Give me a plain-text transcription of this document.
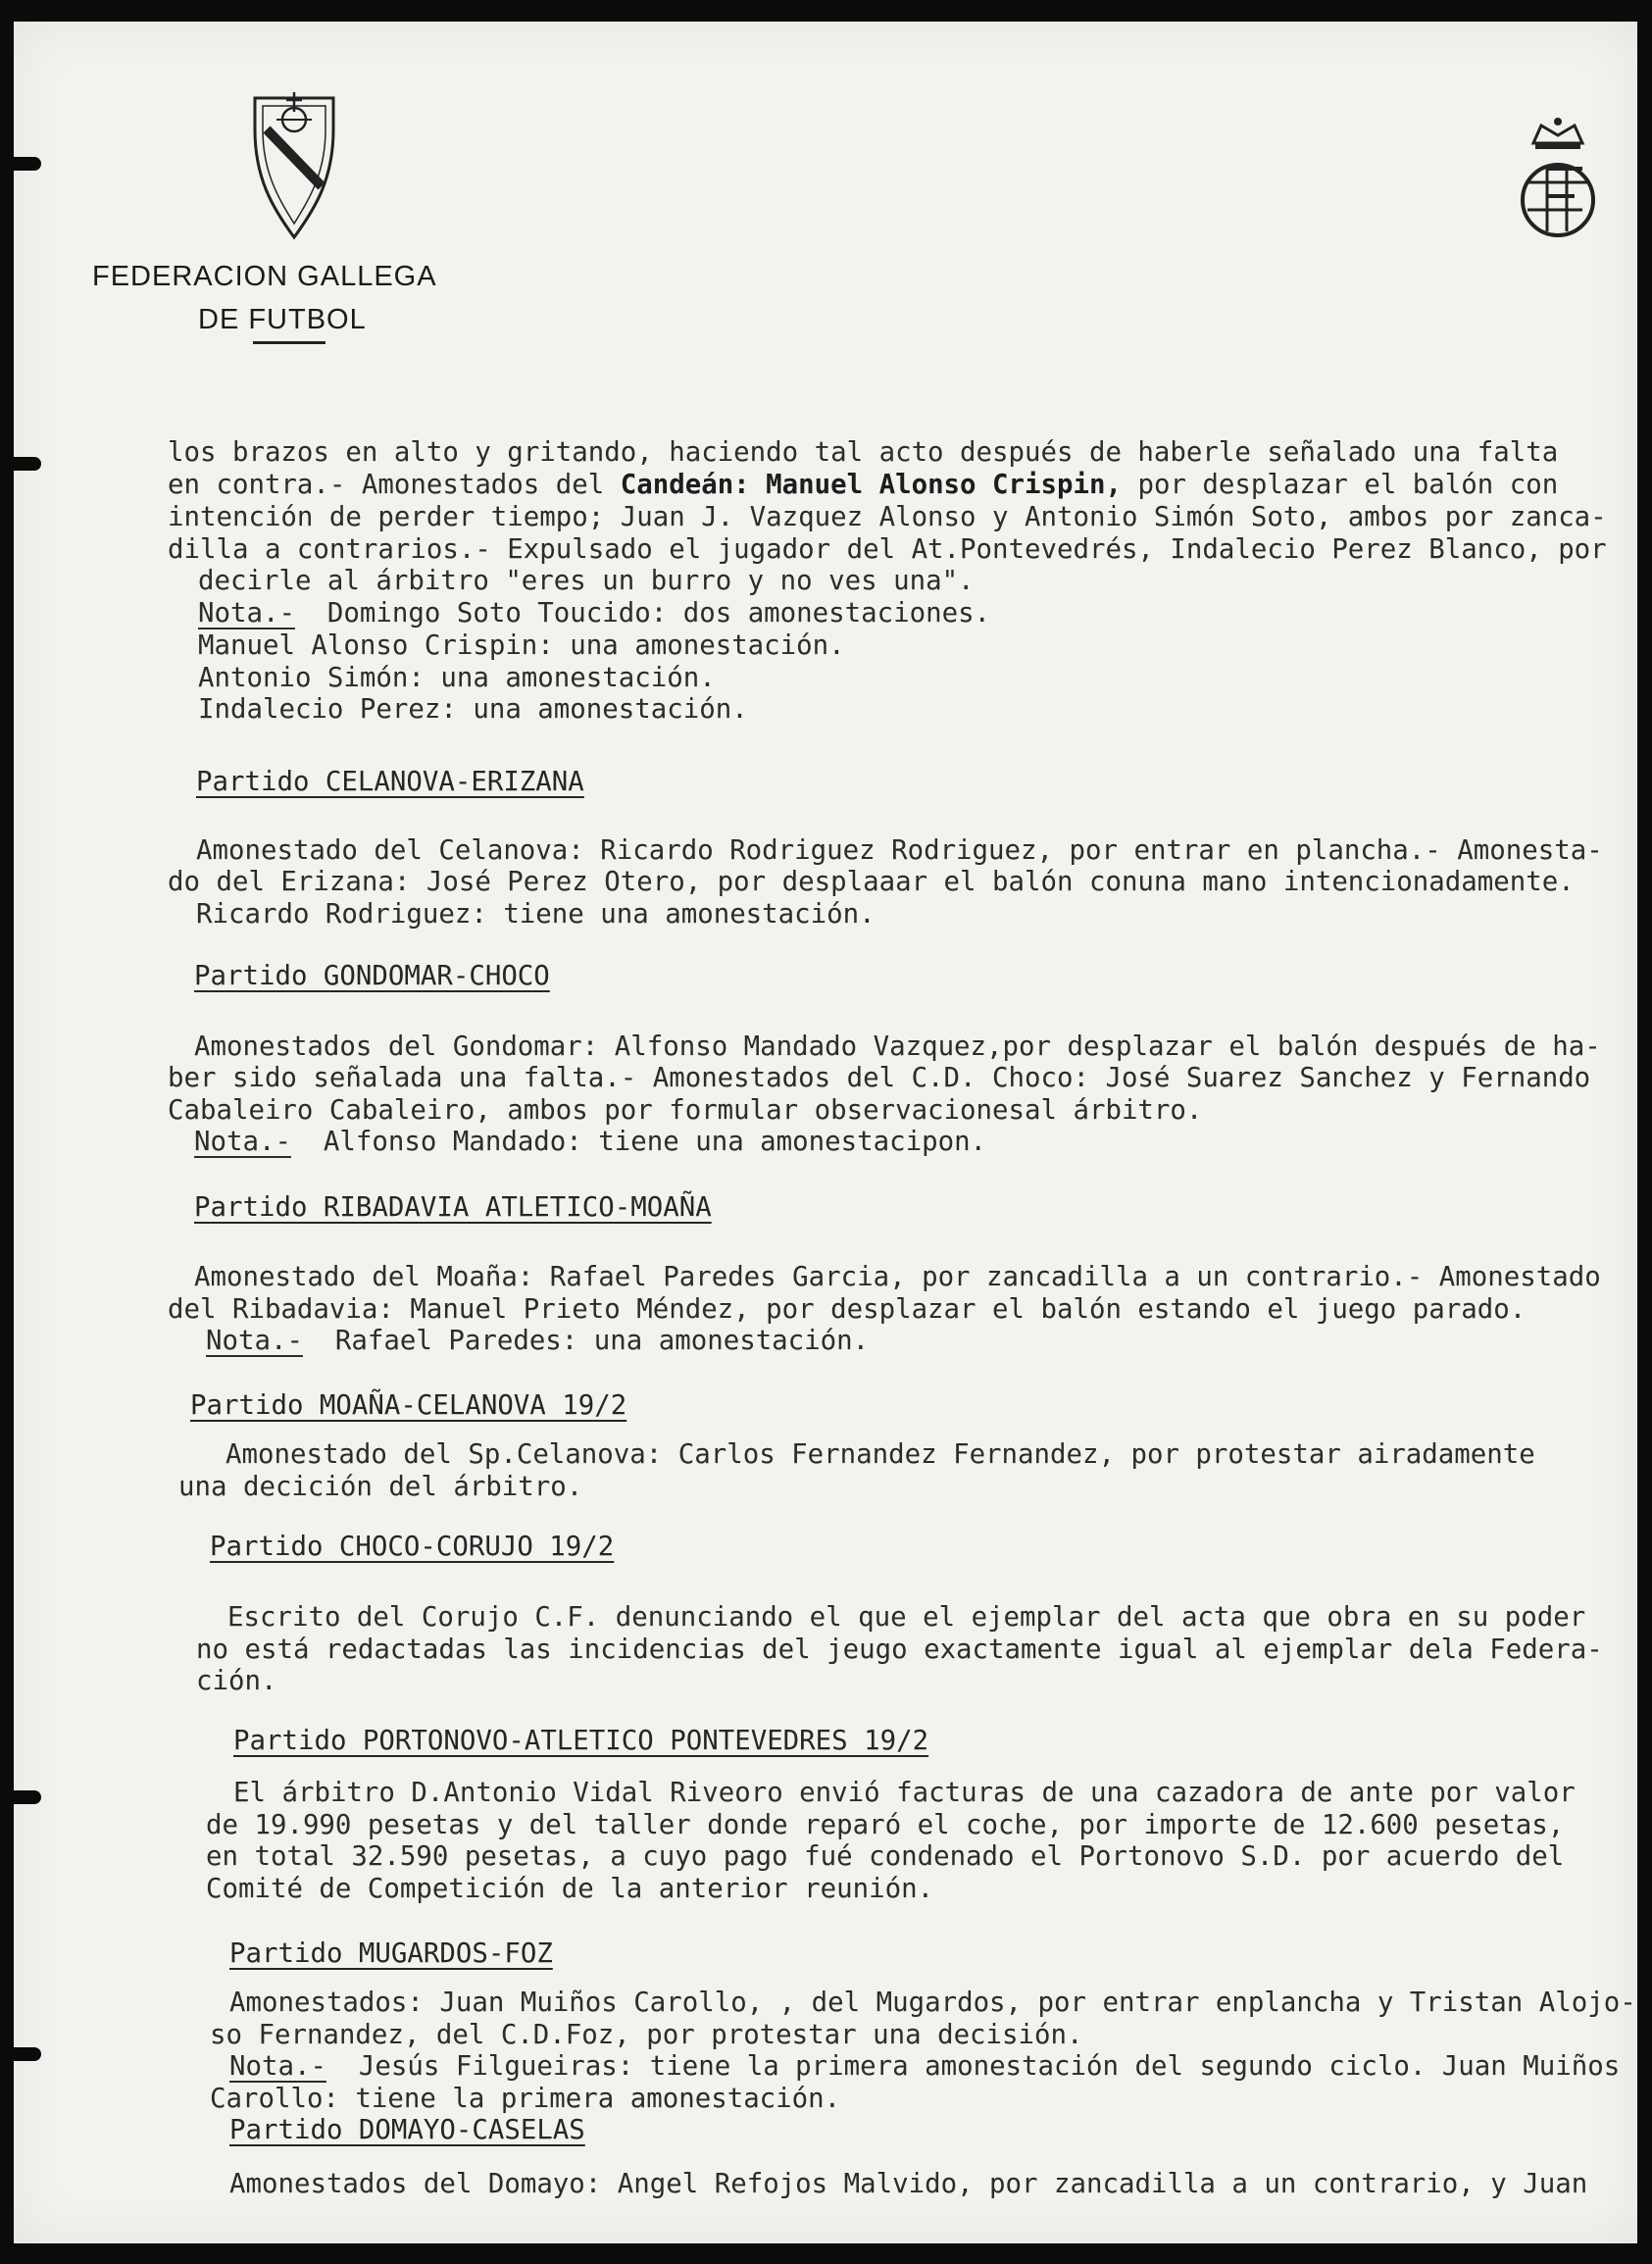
FEDERACION GALLEGA
DE FUTBOL
los brazos en alto y gritando, haciendo tal acto después de haberle señalado una falta
en contra.- Amonestados del Candeán: Manuel Alonso Crispin, por desplazar el balón con
intención de perder tiempo; Juan J. Vazquez Alonso y Antonio Simón Soto, ambos por zanca-
dilla a contrarios.- Expulsado el jugador del At.Pontevedrés, Indalecio Perez Blanco, por
decirle al árbitro "eres un burro y no ves una".
Nota.-  Domingo Soto Toucido: dos amonestaciones.
Manuel Alonso Crispin: una amonestación.
Antonio Simón: una amonestación.
Indalecio Perez: una amonestación.
Partido CELANOVA-ERIZANA
Amonestado del Celanova: Ricardo Rodriguez Rodriguez, por entrar en plancha.- Amonesta-
do del Erizana: José Perez Otero, por desplaaar el balón conuna mano intencionadamente.
Ricardo Rodriguez: tiene una amonestación.
Partido GONDOMAR-CHOCO
Amonestados del Gondomar: Alfonso Mandado Vazquez,por desplazar el balón después de ha-
ber sido señalada una falta.- Amonestados del C.D. Choco: José Suarez Sanchez y Fernando
Cabaleiro Cabaleiro, ambos por formular observacionesal árbitro.
Nota.-  Alfonso Mandado: tiene una amonestacipon.
Partido RIBADAVIA ATLETICO-MOAÑA
Amonestado del Moaña: Rafael Paredes Garcia, por zancadilla a un contrario.- Amonestado
del Ribadavia: Manuel Prieto Méndez, por desplazar el balón estando el juego parado.
Nota.-  Rafael Paredes: una amonestación.
Partido MOAÑA-CELANOVA 19/2
Amonestado del Sp.Celanova: Carlos Fernandez Fernandez, por protestar airadamente
una decición del árbitro.
Partido CHOCO-CORUJO 19/2
Escrito del Corujo C.F. denunciando el que el ejemplar del acta que obra en su poder
no está redactadas las incidencias del jeugo exactamente igual al ejemplar dela Federa-
ción.
Partido PORTONOVO-ATLETICO PONTEVEDRES 19/2
El árbitro D.Antonio Vidal Riveoro envió facturas de una cazadora de ante por valor
de 19.990 pesetas y del taller donde reparó el coche, por importe de 12.600 pesetas,
en total 32.590 pesetas, a cuyo pago fué condenado el Portonovo S.D. por acuerdo del
Comité de Competición de la anterior reunión.
Partido MUGARDOS-FOZ
Amonestados: Juan Muiños Carollo, , del Mugardos, por entrar enplancha y Tristan Alojo-
so Fernandez, del C.D.Foz, por protestar una decisión.
Nota.-  Jesús Filgueiras: tiene la primera amonestación del segundo ciclo. Juan Muiños
Carollo: tiene la primera amonestación.
Partido DOMAYO-CASELAS
Amonestados del Domayo: Angel Refojos Malvido, por zancadilla a un contrario, y Juan
